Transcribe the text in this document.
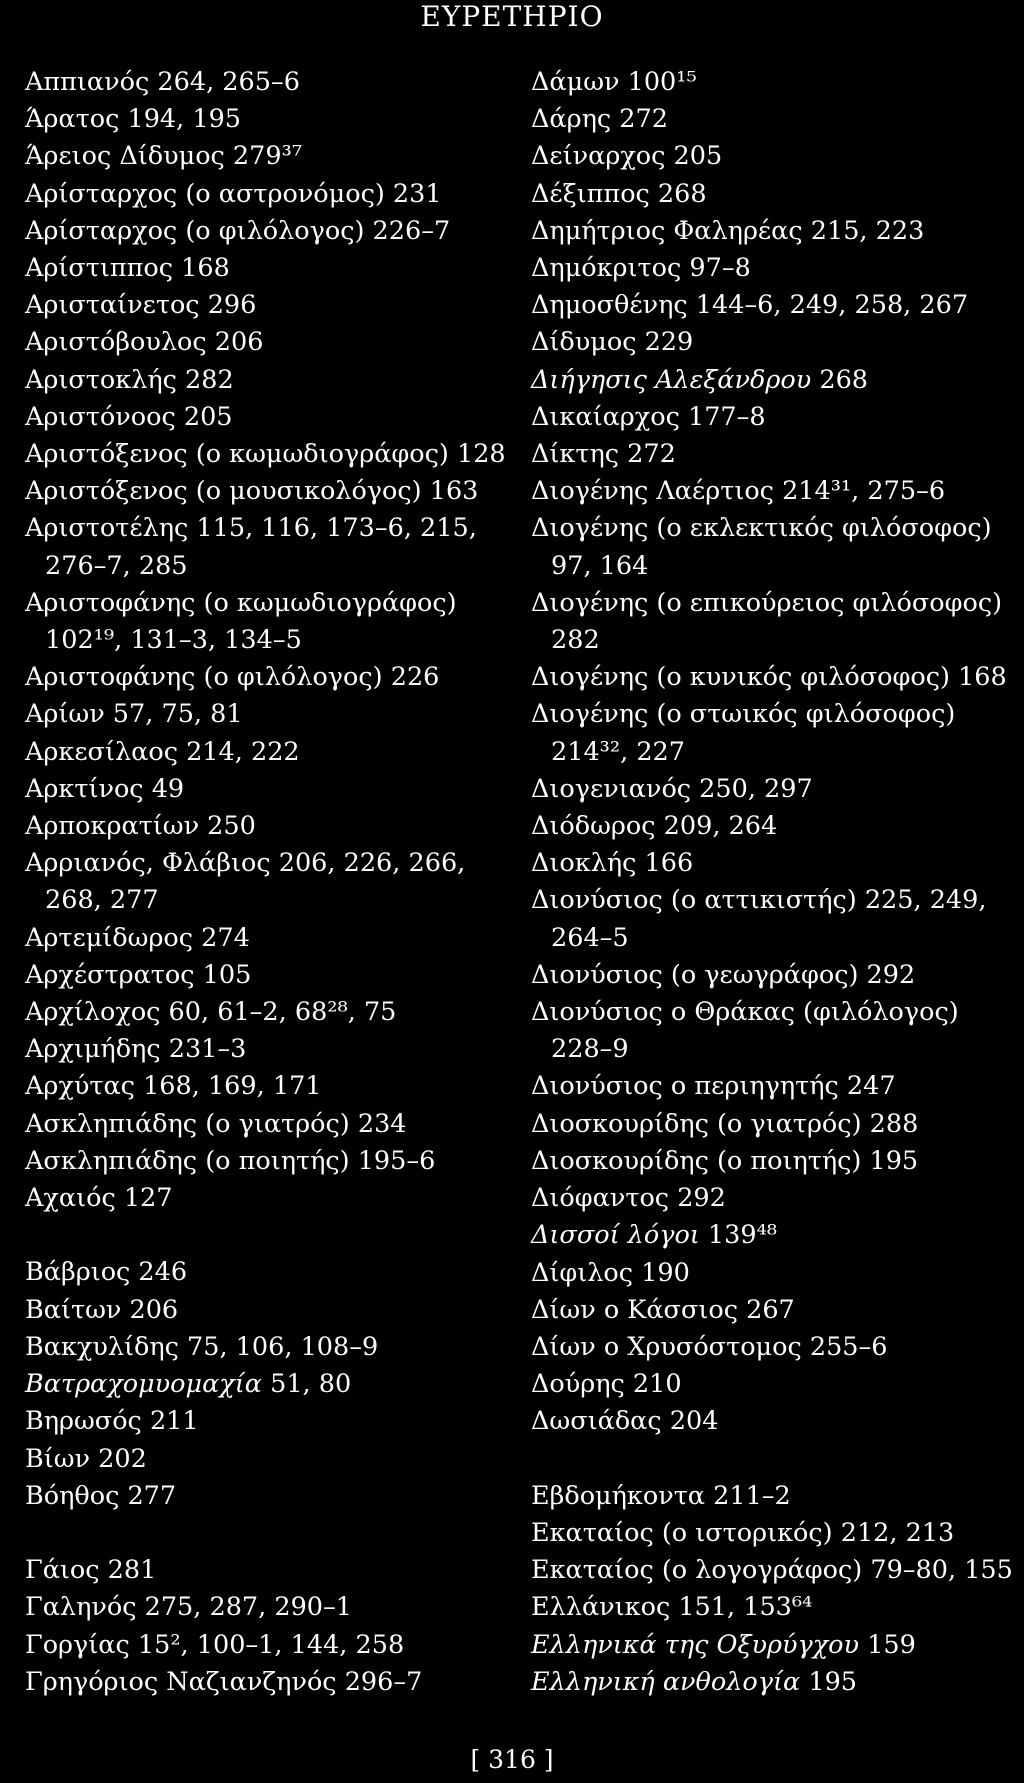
ΕΥΡΕΤΗΡΙΟ
Αππιανός 264, 265–6
Άρατος 194, 195
Άρειος Δίδυμος 279³⁷
Αρίσταρχος (ο αστρονόμος) 231
Αρίσταρχος (ο φιλόλογος) 226–7
Αρίστιππος 168
Αρισταίνετος 296
Αριστόβουλος 206
Αριστοκλής 282
Αριστόνοος 205
Αριστόξενος (ο κωμωδιογράφος) 128
Αριστόξενος (ο μουσικολόγος) 163
Αριστοτέλης 115, 116, 173–6, 215,
276–7, 285
Αριστοφάνης (ο κωμωδιογράφος)
102¹⁹, 131–3, 134–5
Αριστοφάνης (ο φιλόλογος) 226
Αρίων 57, 75, 81
Αρκεσίλαος 214, 222
Αρκτίνος 49
Αρποκρατίων 250
Αρριανός, Φλάβιος 206, 226, 266,
268, 277
Αρτεμίδωρος 274
Αρχέστρατος 105
Αρχίλοχος 60, 61–2, 68²⁸, 75
Αρχιμήδης 231–3
Αρχύτας 168, 169, 171
Ασκληπιάδης (ο γιατρός) 234
Ασκληπιάδης (ο ποιητής) 195–6
Αχαιός 127
Βάβριος 246
Βαίτων 206
Βακχυλίδης 75, 106, 108–9
Βατραχομυομαχία 51, 80
Βηρωσός 211
Βίων 202
Βόηθος 277
Γάιος 281
Γαληνός 275, 287, 290–1
Γοργίας 15², 100–1, 144, 258
Γρηγόριος Ναζιανζηνός 296–7
Δάμων 100¹⁵
Δάρης 272
Δείναρχος 205
Δέξιππος 268
Δημήτριος Φαληρέας 215, 223
Δημόκριτος 97–8
Δημοσθένης 144–6, 249, 258, 267
Δίδυμος 229
Διήγησις Αλεξάνδρου 268
Δικαίαρχος 177–8
Δίκτης 272
Διογένης Λαέρτιος 214³¹, 275–6
Διογένης (ο εκλεκτικός φιλόσοφος)
97, 164
Διογένης (ο επικούρειος φιλόσοφος)
282
Διογένης (ο κυνικός φιλόσοφος) 168
Διογένης (ο στωικός φιλόσοφος)
214³², 227
Διογενιανός 250, 297
Διόδωρος 209, 264
Διοκλής 166
Διονύσιος (ο αττικιστής) 225, 249,
264–5
Διονύσιος (ο γεωγράφος) 292
Διονύσιος ο Θράκας (φιλόλογος)
228–9
Διονύσιος ο περιηγητής 247
Διοσκουρίδης (ο γιατρός) 288
Διοσκουρίδης (ο ποιητής) 195
Διόφαντος 292
Δισσοί λόγοι 139⁴⁸
Δίφιλος 190
Δίων ο Κάσσιος 267
Δίων ο Χρυσόστομος 255–6
Δούρης 210
Δωσιάδας 204
Εβδομήκοντα 211–2
Εκαταίος (ο ιστορικός) 212, 213
Εκαταίος (ο λογογράφος) 79–80, 155
Ελλάνικος 151, 153⁶⁴
Ελληνικά της Οξυρύγχου 159
Ελληνική ανθολογία 195
[ 316 ]
